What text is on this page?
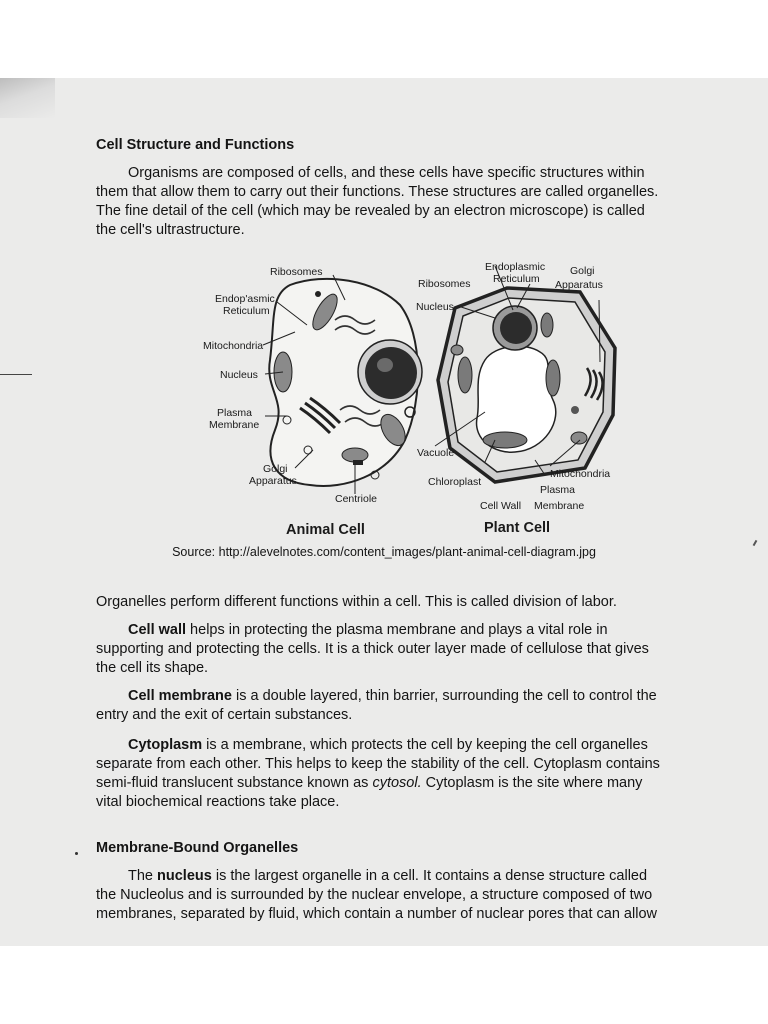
Cell Structure and Functions
Organisms are composed of cells, and these cells have specific structures within
them that allow them to carry out their functions. These structures are called organelles.
The fine detail of the cell (which may be revealed by an electron microscope) is called
the cell's ultrastructure.
Ribosomes
Endop'asmic
Reticulum
Mitochondria
Nucleus
Plasma
Membrane
Golgi
Apparatus
Centriole
Endoplasmic
Reticulum
Golgi
Apparatus
Ribosomes
Nucleus
Vacuole
Chloroplast
Mitochondria
Plasma
Membrane
Cell Wall
Animal Cell	Plant Cell
Source: http://alevelnotes.com/content_images/plant-animal-cell-diagram.jpg
Organelles perform different functions within a cell. This is called division of labor.
Cell wall helps in protecting the plasma membrane and plays a vital role in
supporting and protecting the cells. It is a thick outer layer made of cellulose that gives
the cell its shape.
Cell membrane is a double layered, thin barrier, surrounding the cell to control the
entry and the exit of certain substances.
Cytoplasm is a membrane, which protects the cell by keeping the cell organelles
separate from each other. This helps to keep the stability of the cell. Cytoplasm contains
semi-fluid translucent substance known as cytosol. Cytoplasm is the site where many
vital biochemical reactions take place.
Membrane-Bound Organelles
The nucleus is the largest organelle in a cell. It contains a dense structure called
the Nucleolus and is surrounded by the nuclear envelope, a structure composed of two
membranes, separated by fluid, which contain a number of nuclear pores that can allow
